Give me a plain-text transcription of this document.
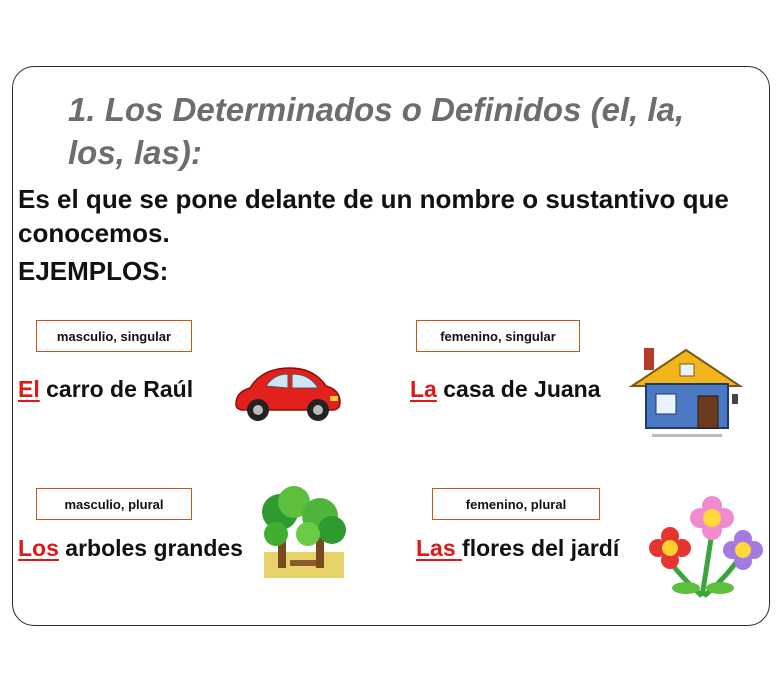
1. Los Determinados o Definidos (el, la, los, las):
Es el que se pone delante de un nombre o sustantivo que conocemos.
EJEMPLOS:
masculio, singular	femenino, singular
masculio, plural	femenino, plural
El carro de Raúl	La casa de Juana
Los arboles grandes	Las flores del jardí
